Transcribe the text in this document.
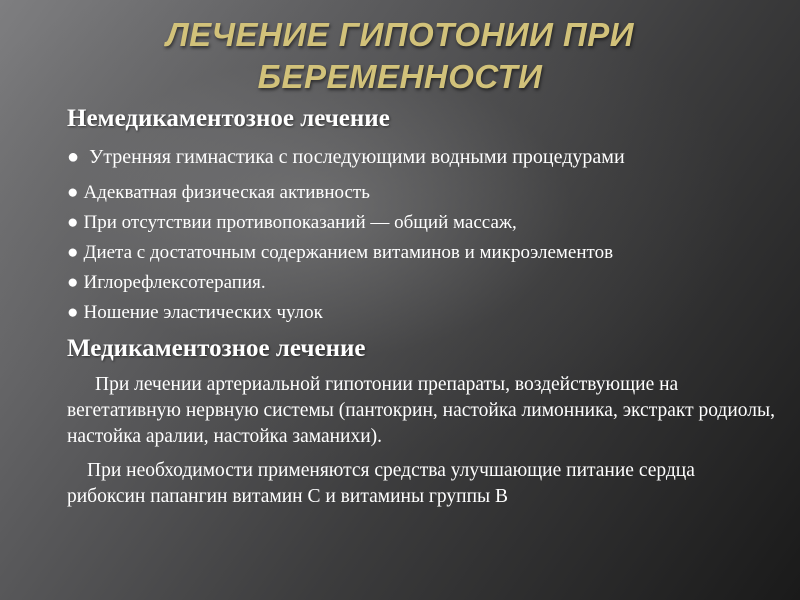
ЛЕЧЕНИЕ ГИПОТОНИИ ПРИ
БЕРЕМЕННОСТИ
Немедикаментозное лечение
● Утренняя гимнастика с последующими водными процедурами
● Адекватная физическая активность
● При отсутствии противопоказаний — общий массаж,
● Диета с достаточным содержанием витаминов и микроэлементов
● Иглорефлексотерапия.
● Ношение эластических чулок
Медикаментозное лечение

При лечении артериальной гипотонии препараты, воздействующие на вегетативную нервную системы (пантокрин, настойка лимонника, экстракт родиолы, настойка аралии, настойка заманихи).

При необходимости применяются средства улучшающие питание сердца рибоксин папангин витамин С и витамины группы В
